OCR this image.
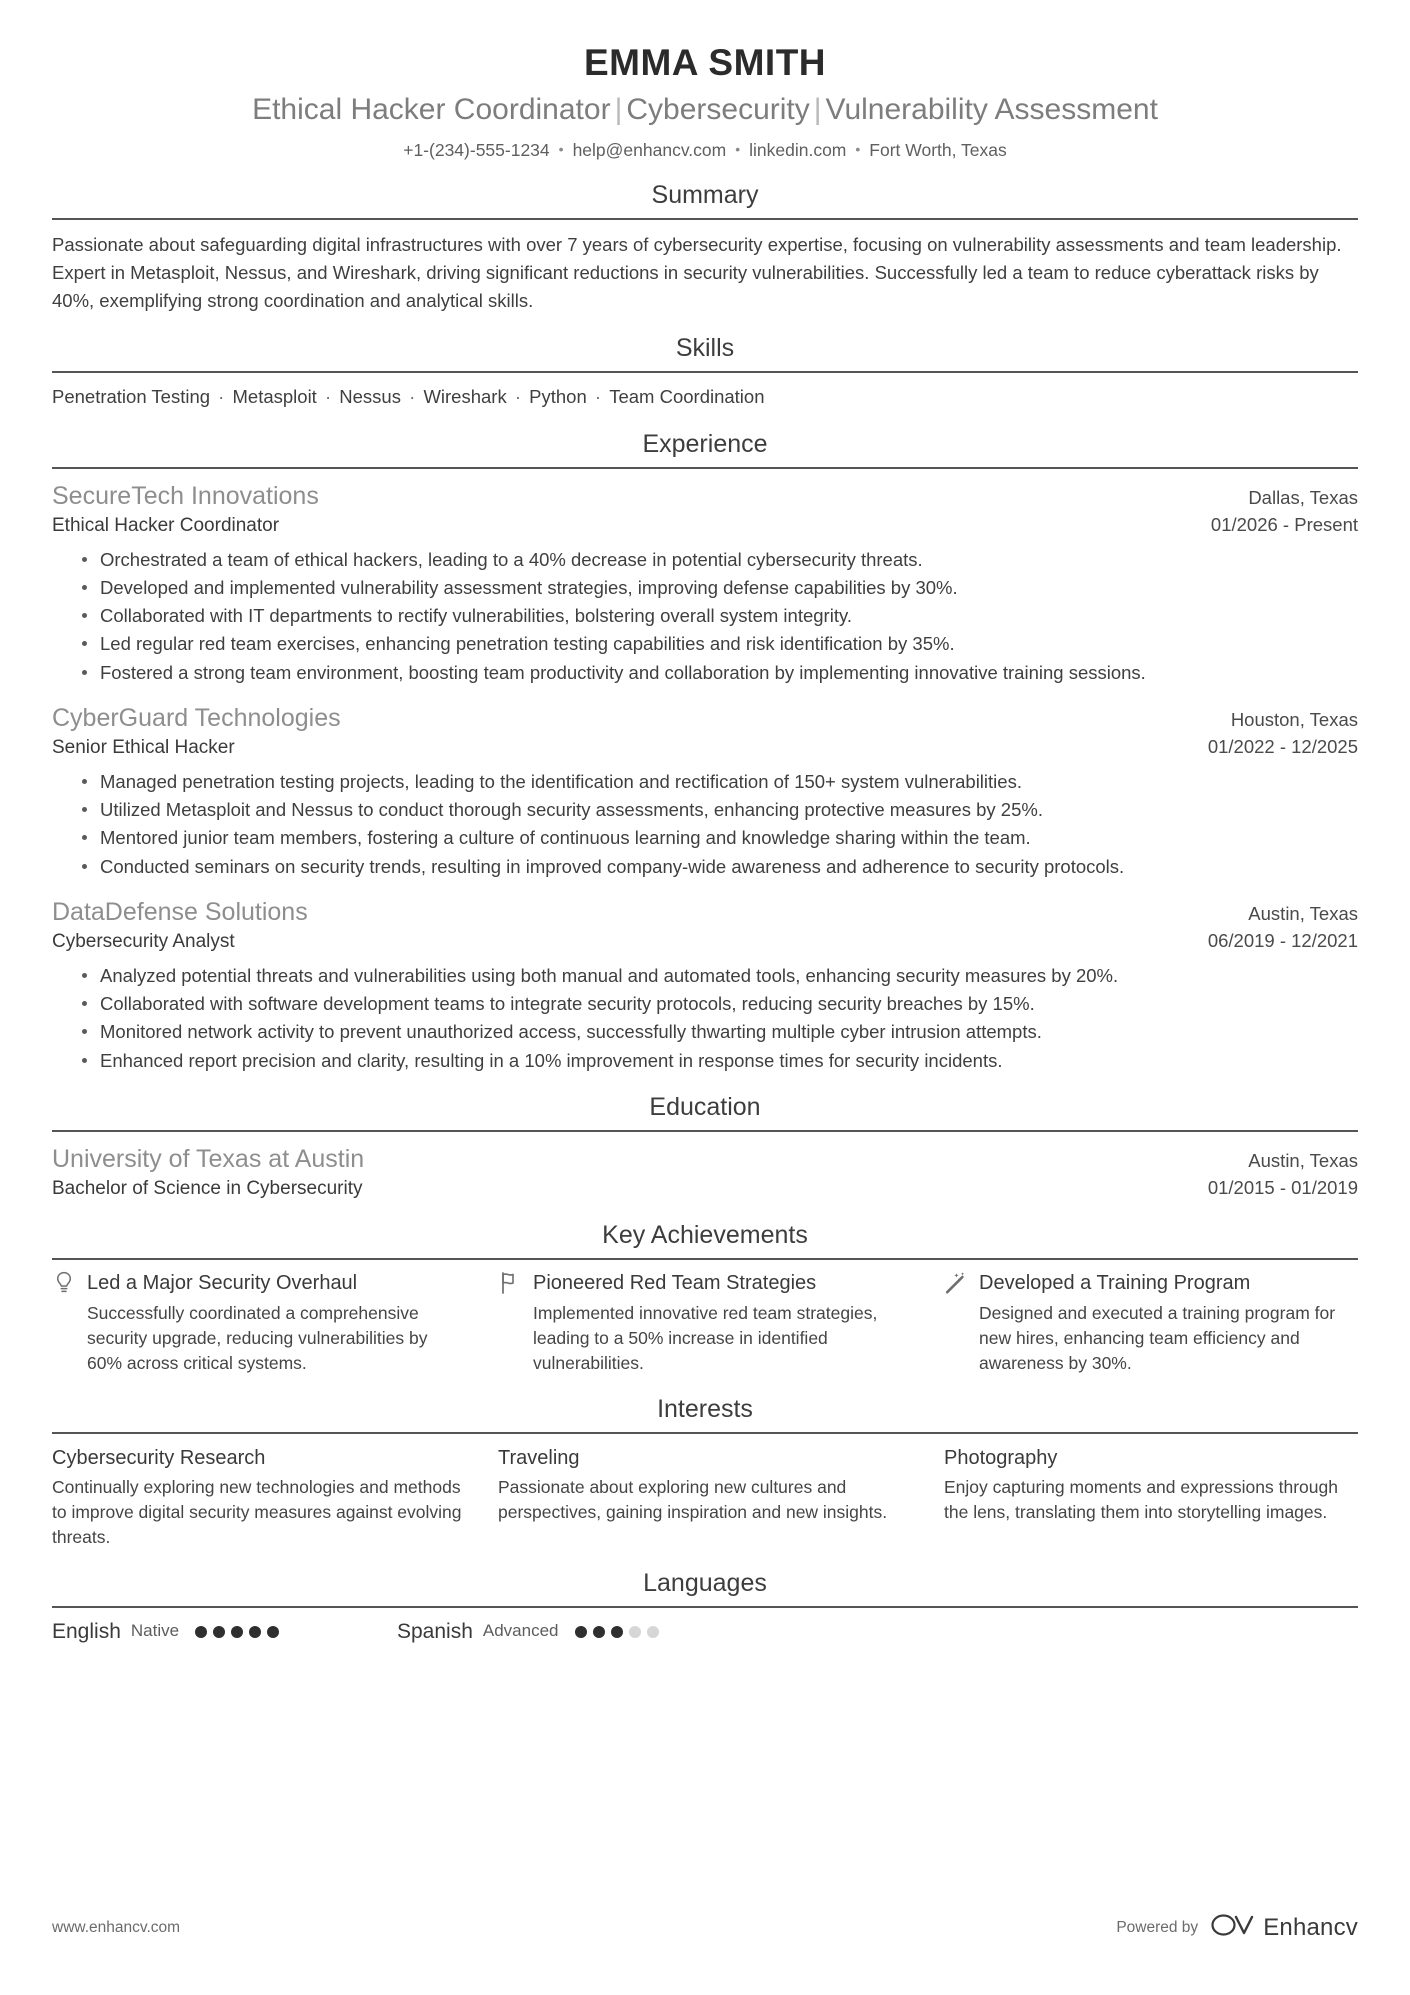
EMMA SMITH
Ethical Hacker Coordinator | Cybersecurity | Vulnerability Assessment
+1-(234)-555-1234 • help@enhancv.com • linkedin.com • Fort Worth, Texas
Summary
Passionate about safeguarding digital infrastructures with over 7 years of cybersecurity expertise, focusing on vulnerability assessments and team leadership. Expert in Metasploit, Nessus, and Wireshark, driving significant reductions in security vulnerabilities. Successfully led a team to reduce cyberattack risks by 40%, exemplifying strong coordination and analytical skills.
Skills
Penetration Testing · Metasploit · Nessus · Wireshark · Python · Team Coordination
Experience
SecureTech Innovations	Dallas, Texas
Ethical Hacker Coordinator	01/2026 - Present
Orchestrated a team of ethical hackers, leading to a 40% decrease in potential cybersecurity threats.
Developed and implemented vulnerability assessment strategies, improving defense capabilities by 30%.
Collaborated with IT departments to rectify vulnerabilities, bolstering overall system integrity.
Led regular red team exercises, enhancing penetration testing capabilities and risk identification by 35%.
Fostered a strong team environment, boosting team productivity and collaboration by implementing innovative training sessions.
CyberGuard Technologies	Houston, Texas
Senior Ethical Hacker	01/2022 - 12/2025
Managed penetration testing projects, leading to the identification and rectification of 150+ system vulnerabilities.
Utilized Metasploit and Nessus to conduct thorough security assessments, enhancing protective measures by 25%.
Mentored junior team members, fostering a culture of continuous learning and knowledge sharing within the team.
Conducted seminars on security trends, resulting in improved company-wide awareness and adherence to security protocols.
DataDefense Solutions	Austin, Texas
Cybersecurity Analyst	06/2019 - 12/2021
Analyzed potential threats and vulnerabilities using both manual and automated tools, enhancing security measures by 20%.
Collaborated with software development teams to integrate security protocols, reducing security breaches by 15%.
Monitored network activity to prevent unauthorized access, successfully thwarting multiple cyber intrusion attempts.
Enhanced report precision and clarity, resulting in a 10% improvement in response times for security incidents.
Education
University of Texas at Austin	Austin, Texas
Bachelor of Science in Cybersecurity	01/2015 - 01/2019
Key Achievements
Led a Major Security Overhaul
Successfully coordinated a comprehensive security upgrade, reducing vulnerabilities by 60% across critical systems.
Pioneered Red Team Strategies
Implemented innovative red team strategies, leading to a 50% increase in identified vulnerabilities.
Developed a Training Program
Designed and executed a training program for new hires, enhancing team efficiency and awareness by 30%.
Interests
Cybersecurity Research
Continually exploring new technologies and methods to improve digital security measures against evolving threats.
Traveling
Passionate about exploring new cultures and perspectives, gaining inspiration and new insights.
Photography
Enjoy capturing moments and expressions through the lens, translating them into storytelling images.
Languages
English Native	Spanish Advanced
www.enhancv.com	Powered by	Enhancv
